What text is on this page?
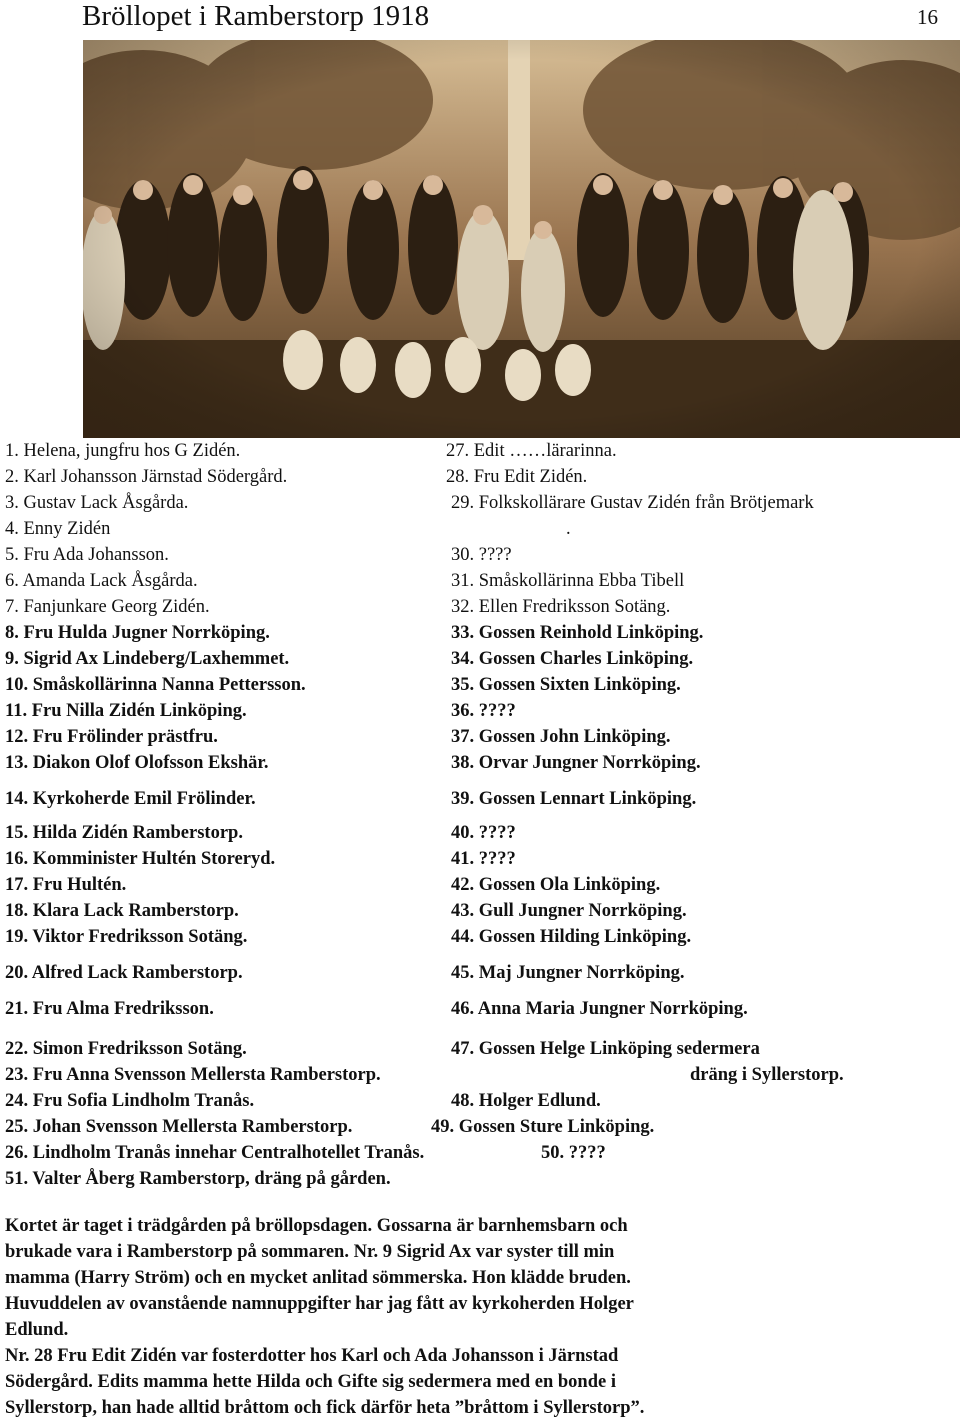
Bröllopet i Ramberstorp 1918	16
1. Helena, jungfru hos G Zidén.	27. Edit ……lärarinna.
2. Karl Johansson Järnstad Södergård.	28. Fru Edit Zidén.
3. Gustav Lack Åsgårda.	29. Folkskollärare Gustav Zidén från Brötjemark
4. Enny Zidén	.
5. Fru Ada Johansson.	30. ????
6. Amanda Lack Åsgårda.	31. Småskollärinna Ebba Tibell
7. Fanjunkare Georg Zidén.	32. Ellen Fredriksson Sotäng.
8. Fru Hulda Jugner Norrköping.	33. Gossen Reinhold Linköping.
9. Sigrid Ax Lindeberg/Laxhemmet.	34. Gossen Charles Linköping.
10. Småskollärinna Nanna Pettersson.	35. Gossen Sixten Linköping.
11. Fru Nilla Zidén Linköping.	36. ????
12. Fru Frölinder prästfru.	37. Gossen John Linköping.
13. Diakon Olof Olofsson Ekshär.	38. Orvar Jungner Norrköping.
14. Kyrkoherde Emil Frölinder.	39. Gossen Lennart Linköping.
15. Hilda Zidén Ramberstorp.	40. ????
16. Komminister Hultén Storeryd.	41. ????
17. Fru Hultén.	42. Gossen Ola Linköping.
18. Klara Lack Ramberstorp.	43. Gull Jungner Norrköping.
19. Viktor Fredriksson Sotäng.	44. Gossen Hilding Linköping.
20. Alfred Lack Ramberstorp.	45. Maj Jungner Norrköping.
21. Fru Alma Fredriksson.	46. Anna Maria Jungner Norrköping.
22. Simon Fredriksson Sotäng.	47. Gossen Helge Linköping sedermera
23. Fru Anna Svensson Mellersta Ramberstorp.	dräng i Syllerstorp.
24. Fru Sofia Lindholm Tranås.	48. Holger Edlund.
25. Johan Svensson Mellersta Ramberstorp.	49. Gossen Sture Linköping.
26. Lindholm Tranås innehar Centralhotellet Tranås.	50. ????
51. Valter Åberg Ramberstorp, dräng på gården.
Kortet är taget i trädgården på bröllopsdagen. Gossarna är barnhemsbarn och
brukade vara i Ramberstorp på sommaren. Nr. 9 Sigrid Ax var syster till min
mamma (Harry Ström) och en mycket anlitad sömmerska. Hon klädde bruden.
Huvuddelen av ovanstående namnuppgifter har jag fått av kyrkoherden Holger
Edlund.
Nr. 28 Fru Edit Zidén var fosterdotter hos Karl och Ada Johansson i Järnstad
Södergård. Edits mamma hette Hilda och Gifte sig sedermera med en bonde i
Syllerstorp, han hade alltid bråttom och fick därför heta ”bråttom i Syllerstorp”.
